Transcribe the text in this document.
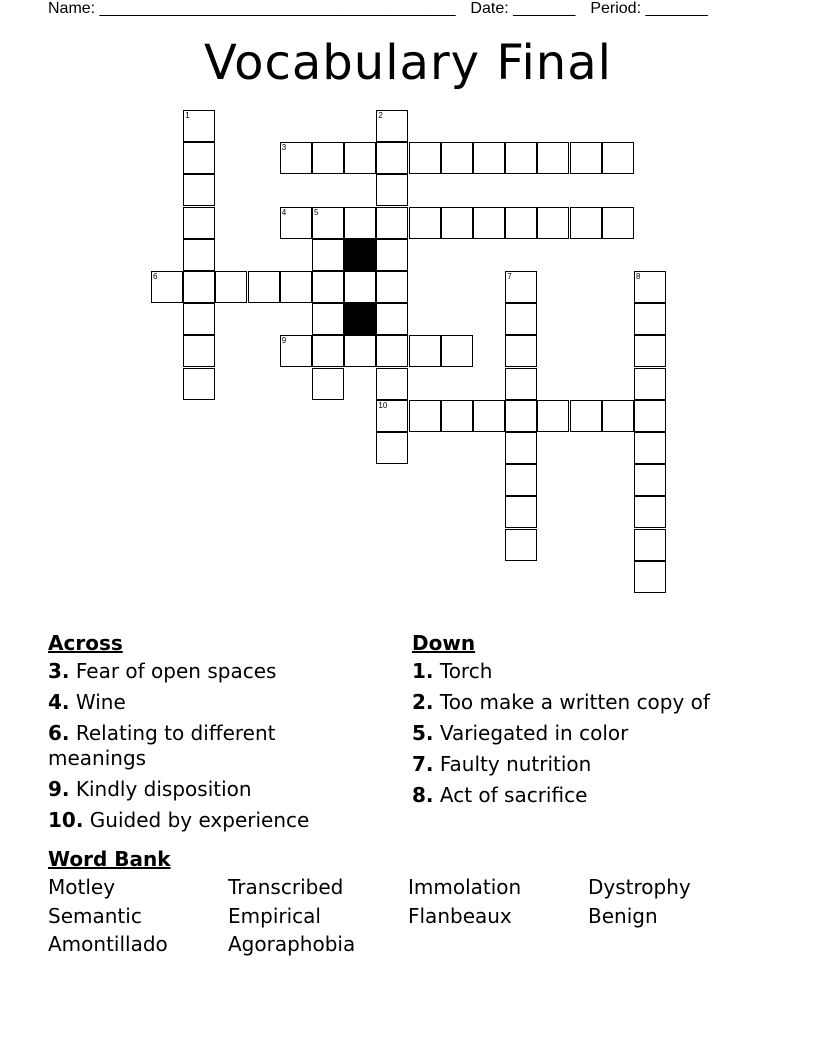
Name: ________________________________________ Date: _______ Period: _______
Vocabulary Final
1	2
10
3
4	5
6	7	8
9
Across	Down
3. Fear of open spaces
4. Wine
6. Relating to different meanings
9. Kindly disposition
10. Guided by experience
1. Torch
2. Too make a written copy of
5. Variegated in color
7. Faulty nutrition
8. Act of sacrifice
Word Bank
Motley	Transcribed	Immolation	Dystrophy
Semantic	Empirical	Flanbeaux	Benign
Amontillado	Agoraphobia
